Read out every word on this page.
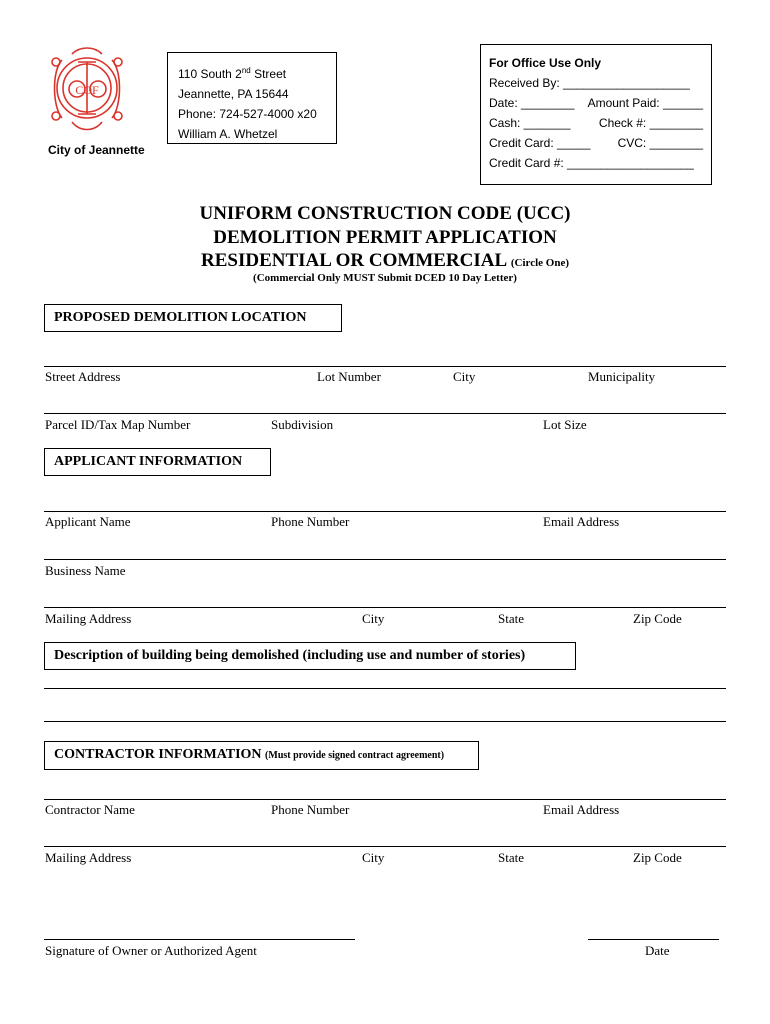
COF
City of Jeannette
110 South 2nd Street
Jeannette, PA 15644
Phone: 724-527-4000 x20
William A. Whetzel
For Office Use Only
Received By: ___________________
Date: ________ Amount Paid: ______
Cash: _______ Check #: ________
Credit Card: _____ CVC: ________
Credit Card #: ___________________
UNIFORM CONSTRUCTION CODE (UCC)
DEMOLITION PERMIT APPLICATION
RESIDENTIAL OR COMMERCIAL (Circle One)
(Commercial Only MUST Submit DCED 10 Day Letter)
PROPOSED DEMOLITION LOCATION
Street Address	Lot Number	City	Municipality
Parcel ID/Tax Map Number	Subdivision	Lot Size
APPLICANT INFORMATION
Applicant Name	Phone Number	Email Address
Business Name
Mailing Address	City	State	Zip Code
Description of building being demolished (including use and number of stories)
CONTRACTOR INFORMATION (Must provide signed contract agreement)
Contractor Name	Phone Number	Email Address
Mailing Address	City	State	Zip Code
Signature of Owner or Authorized Agent	Date
